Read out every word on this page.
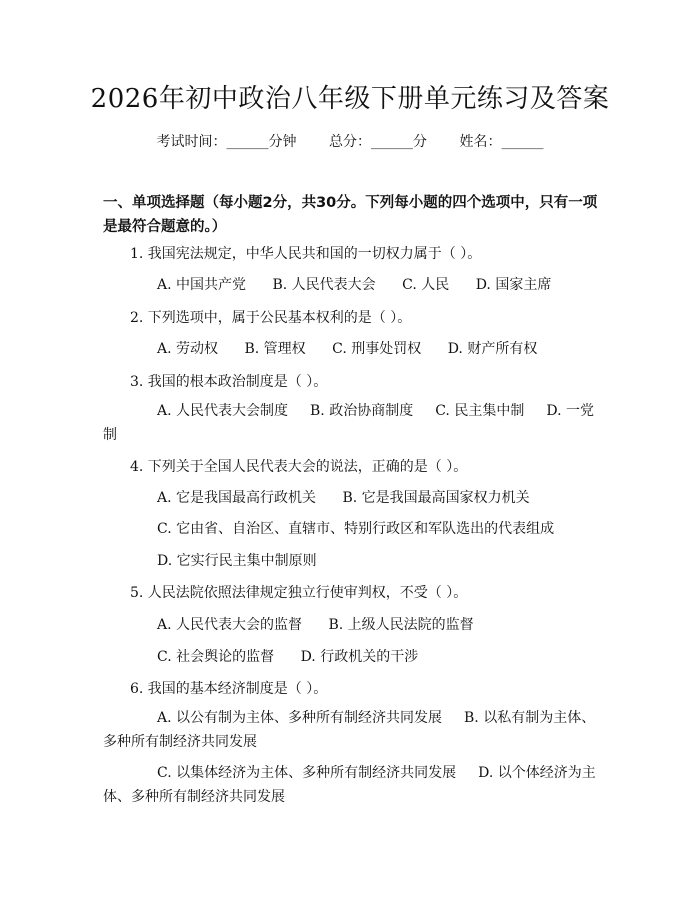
2026年初中政治八年级下册单元练习及答案
考试时间：______分钟 总分：______分 姓名：______
一、单项选择题（每小题2分，共30分。下列每小题的四个选项中，只有一项是最符合题意的。）
1. 我国宪法规定，中华人民共和国的一切权力属于（ ）。
A. 中国共产党 B. 人民代表大会 C. 人民 D. 国家主席
2. 下列选项中，属于公民基本权利的是（ ）。
A. 劳动权 B. 管理权 C. 刑事处罚权 D. 财产所有权
3. 我国的根本政治制度是（ ）。
A. 人民代表大会制度 B. 政治协商制度 C. 民主集中制 D. 一党制
4. 下列关于全国人民代表大会的说法，正确的是（ ）。
A. 它是我国最高行政机关 B. 它是我国最高国家权力机关
C. 它由省、自治区、直辖市、特别行政区和军队选出的代表组成
D. 它实行民主集中制原则
5. 人民法院依照法律规定独立行使审判权，不受（ ）。
A. 人民代表大会的监督 B. 上级人民法院的监督
C. 社会舆论的监督 D. 行政机关的干涉
6. 我国的基本经济制度是（ ）。
A. 以公有制为主体、多种所有制经济共同发展 B. 以私有制为主体、多种所有制经济共同发展
C. 以集体经济为主体、多种所有制经济共同发展 D. 以个体经济为主体、多种所有制经济共同发展
